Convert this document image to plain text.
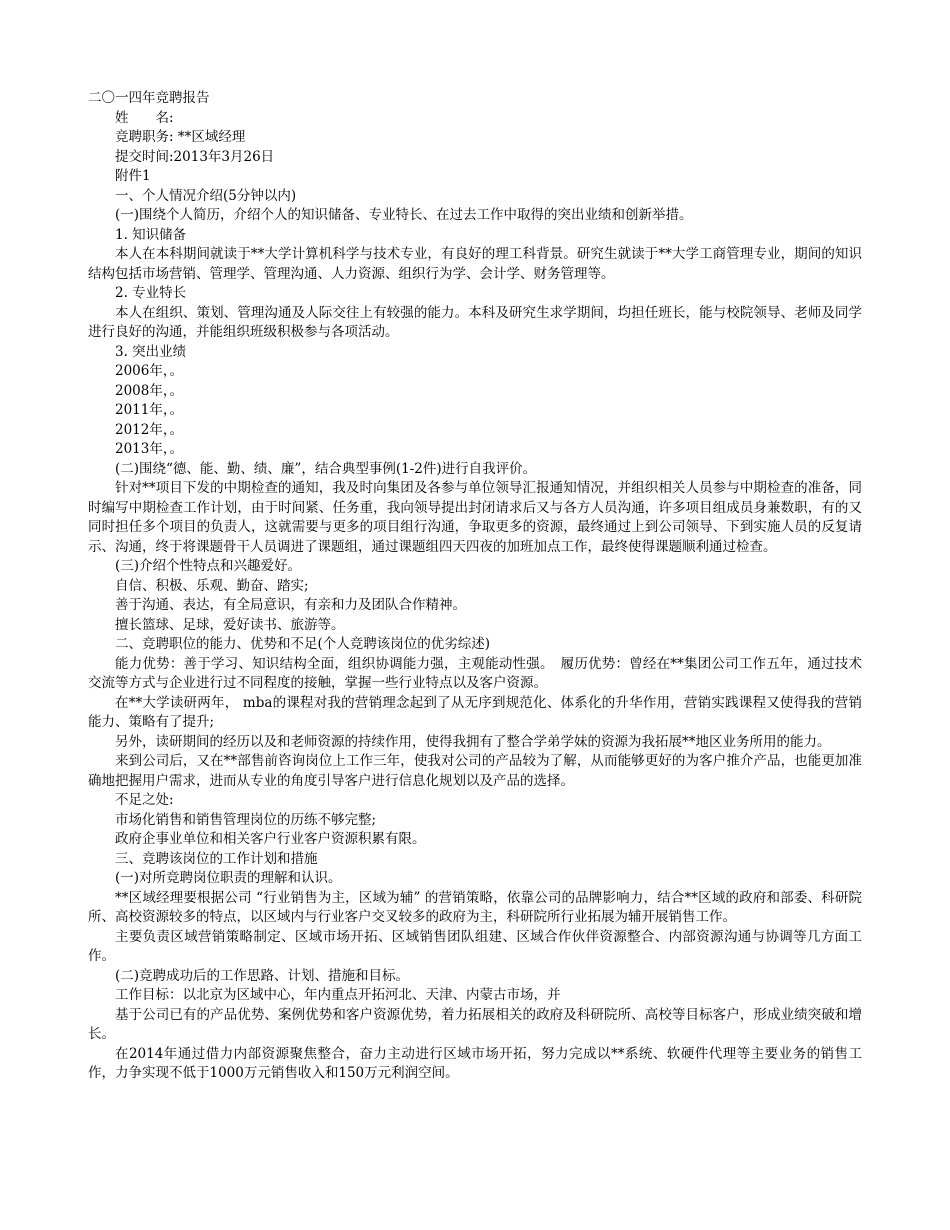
二〇一四年竞聘报告

姓　　名:

竞聘职务: **区域经理

提交时间:2013年3月26日

附件1

一、个人情况介绍(5分钟以内)

(一)围绕个人简历，介绍个人的知识储备、专业特长、在过去工作中取得的突出业绩和创新举措。

1. 知识储备

本人在本科期间就读于**大学计算机科学与技术专业，有良好的理工科背景。研究生就读于**大学工商管理专业，期间的知识结构包括市场营销、管理学、管理沟通、人力资源、组织行为学、会计学、财务管理等。

2. 专业特长

本人在组织、策划、管理沟通及人际交往上有较强的能力。本科及研究生求学期间，均担任班长，能与校院领导、老师及同学进行良好的沟通，并能组织班级积极参与各项活动。

3. 突出业绩

2006年，。

2008年，。

2011年，。

2012年，。

2013年，。

(二)围绕“德、能、勤、绩、廉”，结合典型事例(1-2件)进行自我评价。

针对**项目下发的中期检查的通知，我及时向集团及各参与单位领导汇报通知情况，并组织相关人员参与中期检查的准备，同时编写中期检查工作计划，由于时间紧、任务重，我向领导提出封闭请求后又与各方人员沟通，许多项目组成员身兼数职，有的又同时担任多个项目的负责人，这就需要与更多的项目组行沟通，争取更多的资源，最终通过上到公司领导、下到实施人员的反复请示、沟通，终于将课题骨干人员调进了课题组，通过课题组四天四夜的加班加点工作，最终使得课题顺利通过检查。

(三)介绍个性特点和兴趣爱好。

自信、积极、乐观、勤奋、踏实;

善于沟通、表达，有全局意识，有亲和力及团队合作精神。

擅长篮球、足球，爱好读书、旅游等。

二、竞聘职位的能力、优势和不足(个人竞聘该岗位的优劣综述)

能力优势：善于学习、知识结构全面，组织协调能力强，主观能动性强。　履历优势：曾经在**集团公司工作五年，通过技术交流等方式与企业进行过不同程度的接触，掌握一些行业特点以及客户资源。

在**大学读研两年， mba的课程对我的营销理念起到了从无序到规范化、体系化的升华作用，营销实践课程又使得我的营销能力、策略有了提升;

另外，读研期间的经历以及和老师资源的持续作用，使得我拥有了整合学弟学妹的资源为我拓展**地区业务所用的能力。

来到公司后，又在**部售前咨询岗位上工作三年，使我对公司的产品较为了解，从而能够更好的为客户推介产品，也能更加准确地把握用户需求，进而从专业的角度引导客户进行信息化规划以及产品的选择。

不足之处:

市场化销售和销售管理岗位的历练不够完整;

政府企事业单位和相关客户行业客户资源积累有限。

三、竞聘该岗位的工作计划和措施

(一)对所竞聘岗位职责的理解和认识。

**区域经理要根据公司 “行业销售为主，区域为辅” 的营销策略，依靠公司的品牌影响力，结合**区域的政府和部委、科研院所、高校资源较多的特点，以区域内与行业客户交叉较多的政府为主，科研院所行业拓展为辅开展销售工作。

主要负责区域营销策略制定、区域市场开拓、区域销售团队组建、区域合作伙伴资源整合、内部资源沟通与协调等几方面工作。

(二)竞聘成功后的工作思路、计划、措施和目标。

工作目标：以北京为区域中心，年内重点开拓河北、天津、内蒙古市场，并

基于公司已有的产品优势、案例优势和客户资源优势，着力拓展相关的政府及科研院所、高校等目标客户，形成业绩突破和增长。

在2014年通过借力内部资源聚焦整合，奋力主动进行区域市场开拓，努力完成以**系统、软硬件代理等主要业务的销售工作，力争实现不低于1000万元销售收入和150万元利润空间。
